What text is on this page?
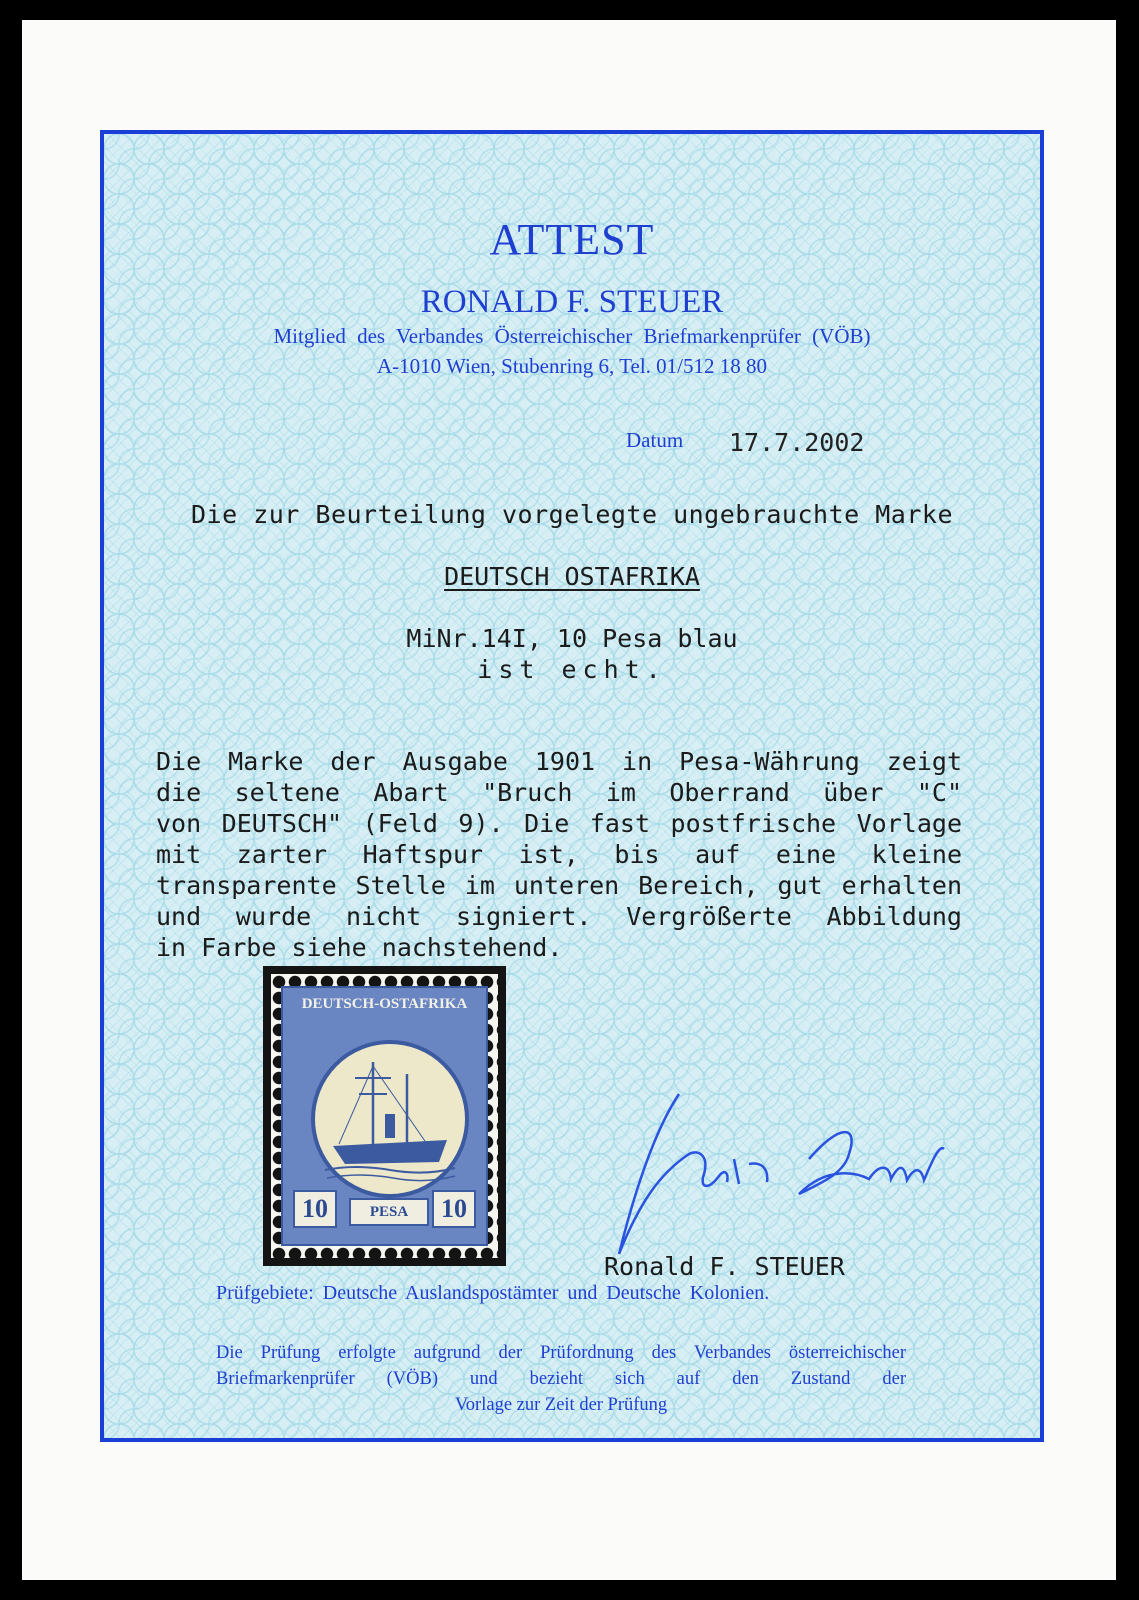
ATTEST
RONALD F. STEUER
Mitglied des Verbandes Österreichischer Briefmarkenprüfer (VÖB)
A-1010 Wien, Stubenring 6, Tel. 01/512 18 80
Datum 17.7.2002
Die zur Beurteilung vorgelegte ungebrauchte Marke
DEUTSCH OSTAFRIKA
MiNr.14I, 10 Pesa blau
ist echt.
Die Marke der Ausgabe 1901 in Pesa-Währung zeigt
die seltene Abart "Bruch im Oberrand über "C"
von DEUTSCH" (Feld 9). Die fast postfrische Vorlage
mit zarter Haftspur ist, bis auf eine kleine
transparente Stelle im unteren Bereich, gut erhalten
und wurde nicht signiert. Vergrößerte Abbildung
in Farbe siehe nachstehend.
DEUTSCH-OSTAFRIKA
10	PESA	10
Ronald F. STEUER
Prüfgebiete: Deutsche Auslandspostämter und Deutsche Kolonien.
Die Prüfung erfolgte aufgrund der Prüfordnung des Verbandes österreichischer
Briefmarkenprüfer (VÖB) und bezieht sich auf den Zustand der
Vorlage zur Zeit der Prüfung
